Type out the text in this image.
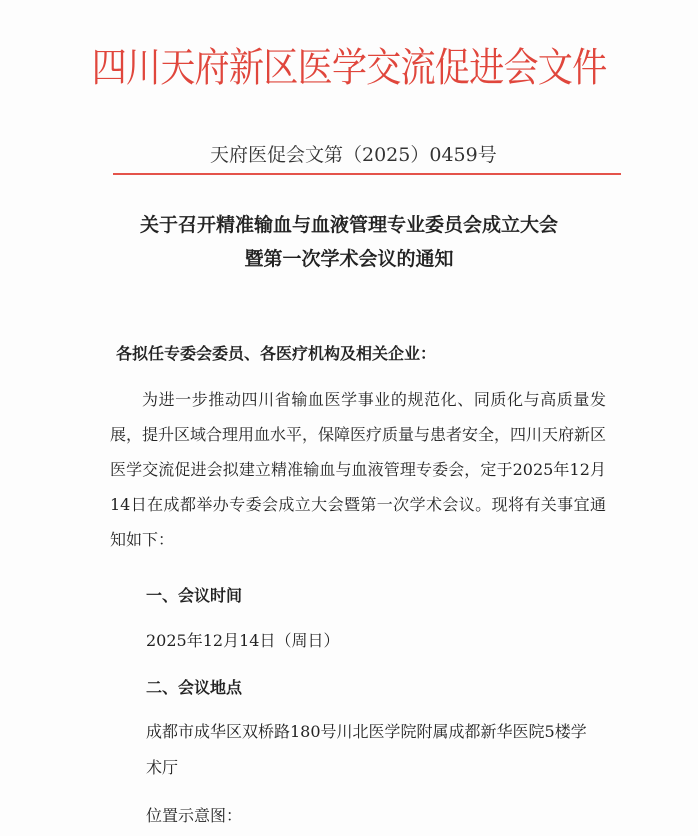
四川天府新区医学交流促进会文件
天府医促会文第（2025）0459号
关于召开精准输血与血液管理专业委员会成立大会
暨第一次学术会议的通知
各拟任专委会委员、各医疗机构及相关企业：
为进一步推动四川省输血医学事业的规范化、同质化与高质量发展，提升区域合理用血水平，保障医疗质量与患者安全，四川天府新区医学交流促进会拟建立精准输血与血液管理专委会，定于2025年12月14日在成都举办专委会成立大会暨第一次学术会议。现将有关事宜通知如下：
一、会议时间
2025年12月14日（周日）
二、会议地点
成都市成华区双桥路180号川北医学院附属成都新华医院5楼学术厅
位置示意图：
